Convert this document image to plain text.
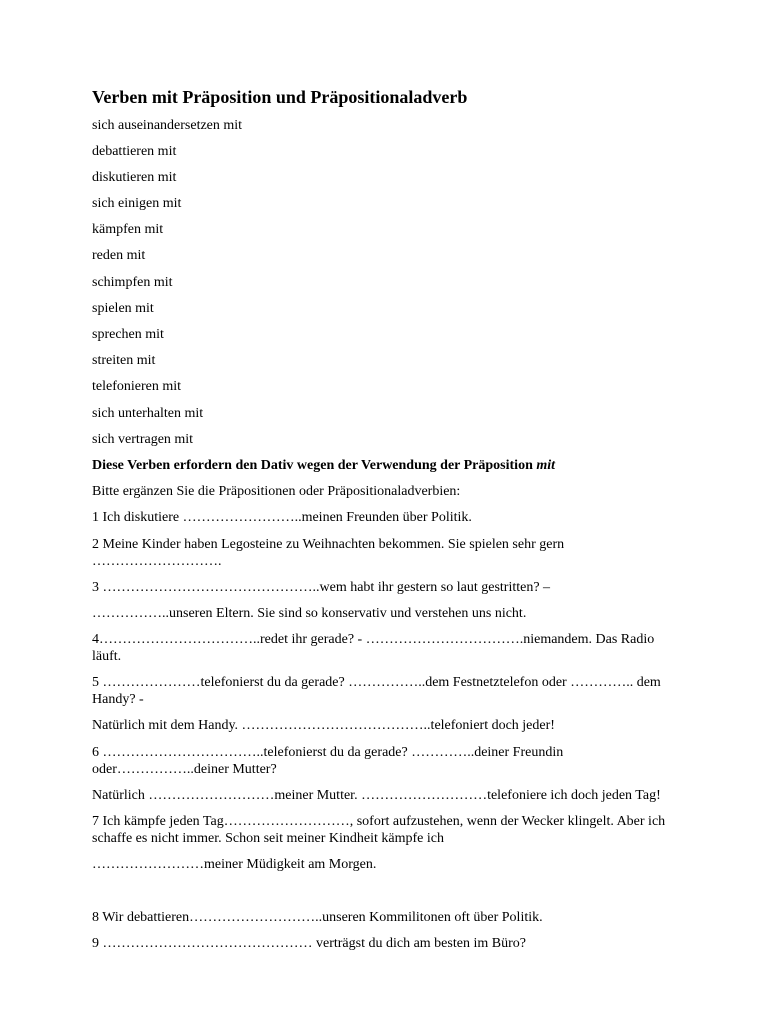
Verben mit Präposition und Präpositionaladverb
sich auseinandersetzen mit
debattieren mit
diskutieren mit
sich einigen mit
kämpfen mit
reden mit
schimpfen mit
spielen mit
sprechen mit
streiten mit
telefonieren mit
sich unterhalten mit
sich vertragen mit
Diese Verben erfordern den Dativ wegen der Verwendung der Präposition mit
Bitte ergänzen Sie die Präpositionen oder Präpositionaladverbien:
1 Ich diskutiere ……………………..meinen Freunden über Politik.
2 Meine Kinder haben Legosteine zu Weihnachten bekommen. Sie spielen sehr gern
……………………….
3 ………………………………………..wem habt ihr gestern so laut gestritten? –
……………..unseren Eltern. Sie sind so konservativ und verstehen uns nicht.
4……………………………..redet ihr gerade? - …………………………….niemandem. Das Radio
läuft.
5 …………………telefonierst du da gerade? ……………..dem Festnetztelefon oder ………….. dem
Handy? -
Natürlich mit dem Handy. …………………………………..telefoniert doch jeder!
6 ……………………………..telefonierst du da gerade? …………..deiner Freundin
oder……………..deiner Mutter?
Natürlich ………………………meiner Mutter. ………………………telefoniere ich doch jeden Tag!
7 Ich kämpfe jeden Tag………………………, sofort aufzustehen, wenn der Wecker klingelt. Aber ich
schaffe es nicht immer. Schon seit meiner Kindheit kämpfe ich
……………………meiner Müdigkeit am Morgen.
8 Wir debattieren………………………..unseren Kommilitonen oft über Politik.
9 ……………………………………… verträgst du dich am besten im Büro?
